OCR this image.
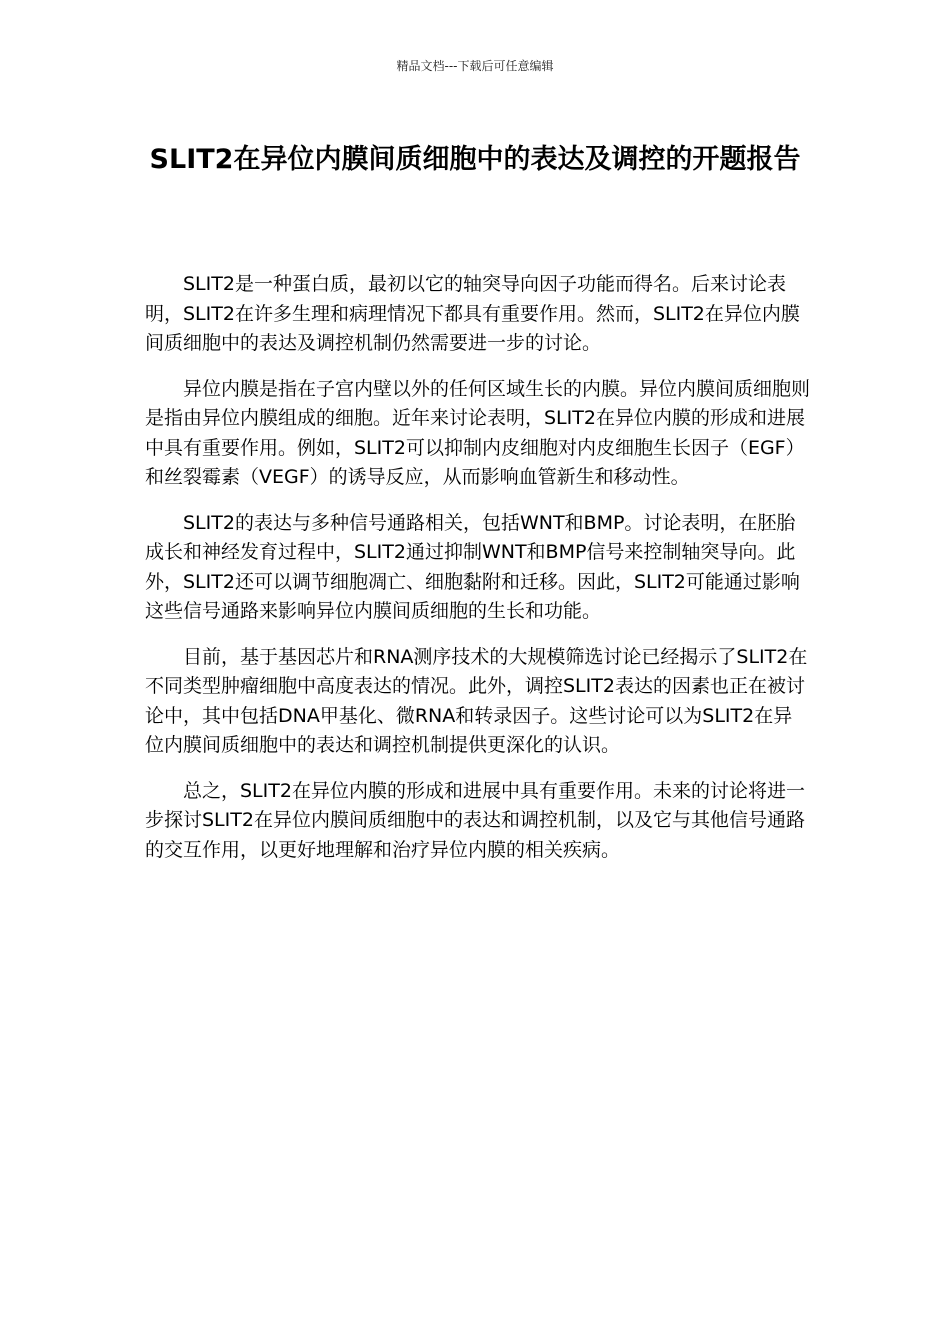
精品文档---下载后可任意编辑
SLIT2在异位内膜间质细胞中的表达及调控的开题报告

SLIT2是一种蛋白质，最初以它的轴突导向因子功能而得名。后来讨论表明，SLIT2在许多生理和病理情况下都具有重要作用。然而，SLIT2在异位内膜间质细胞中的表达及调控机制仍然需要进一步的讨论。

异位内膜是指在子宫内壁以外的任何区域生长的内膜。异位内膜间质细胞则是指由异位内膜组成的细胞。近年来讨论表明，SLIT2在异位内膜的形成和进展中具有重要作用。例如，SLIT2可以抑制内皮细胞对内皮细胞生长因子（EGF）和丝裂霉素（VEGF）的诱导反应，从而影响血管新生和移动性。

SLIT2的表达与多种信号通路相关，包括WNT和BMP。讨论表明，在胚胎成长和神经发育过程中，SLIT2通过抑制WNT和BMP信号来控制轴突导向。此外，SLIT2还可以调节细胞凋亡、细胞黏附和迁移。因此，SLIT2可能通过影响这些信号通路来影响异位内膜间质细胞的生长和功能。

目前，基于基因芯片和RNA测序技术的大规模筛选讨论已经揭示了SLIT2在不同类型肿瘤细胞中高度表达的情况。此外，调控SLIT2表达的因素也正在被讨论中，其中包括DNA甲基化、微RNA和转录因子。这些讨论可以为SLIT2在异位内膜间质细胞中的表达和调控机制提供更深化的认识。

总之，SLIT2在异位内膜的形成和进展中具有重要作用。未来的讨论将进一步探讨SLIT2在异位内膜间质细胞中的表达和调控机制，以及它与其他信号通路的交互作用，以更好地理解和治疗异位内膜的相关疾病。
